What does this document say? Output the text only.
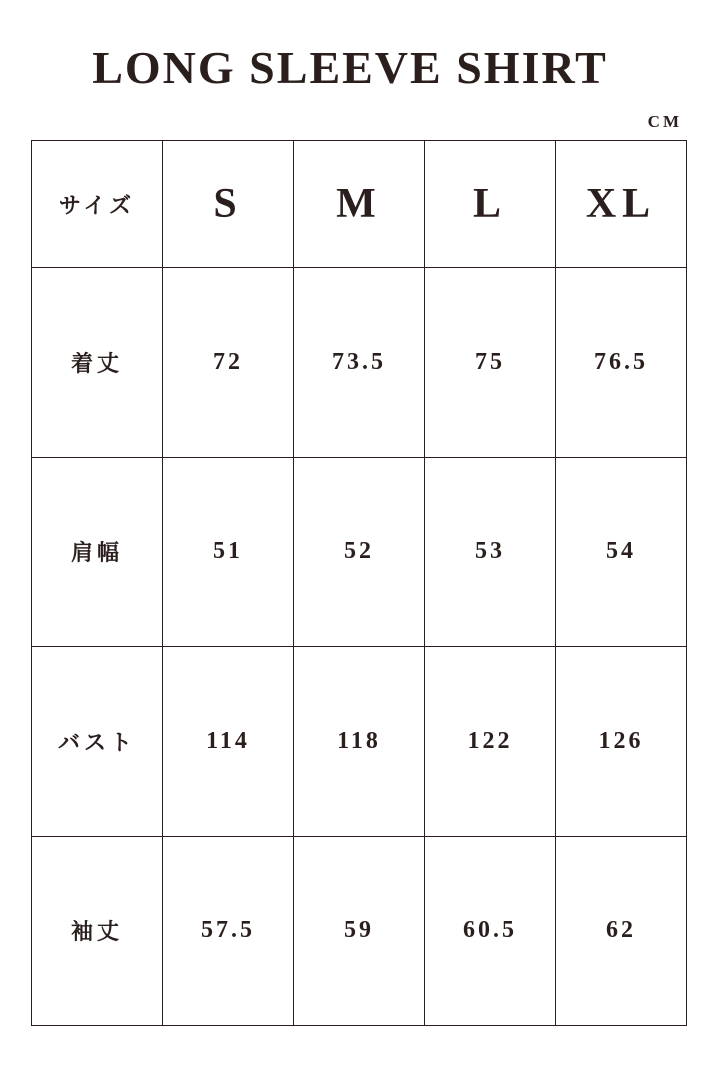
LONG SLEEVE SHIRT
CM
サイズ	S	M	L	XL
着丈	72	73.5	75	76.5
肩幅	51	52	53	54
バスト	114	118	122	126
袖丈	57.5	59	60.5	62
